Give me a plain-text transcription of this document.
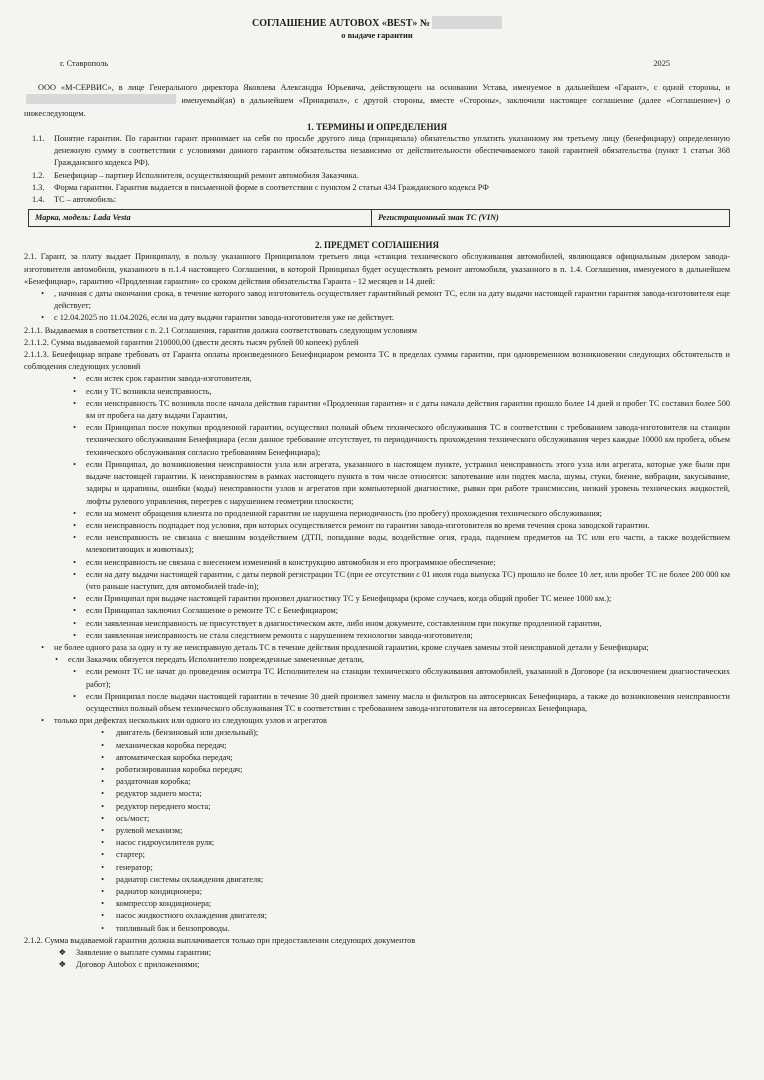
СОГЛАШЕНИЕ AUTOBOX «BEST» №
о выдаче гарантии
г. Ставрополь	2025

ООО «М-СЕРВИС», в лице Генерального директора Яковлева Александра Юрьевича, действующего на основании Устава, именуемое в дальнейшем «Гарант», с одной стороны, и  именуемый(ая) в дальнейшем «Принципал», с другой стороны, вместе «Стороны», заключили настоящее соглашение (далее «Соглашение») о нижеследующем.

1. ТЕРМИНЫ И ОПРЕДЕЛЕНИЯ
1.1.	Понятие гарантии. По гарантии гарант принимает на себя по просьбе другого лица (принципала) обязательство уплатить указанному им третьему лицу (бенефициару) определенную денежную сумму в соответствии с условиями данного гарантом обязательства независимо от действительности обеспечиваемого такой гарантией обязательства (пункт 1 статьи 368 Гражданского кодекса РФ).
1.2.	Бенефициар – партнер Исполнителя, осуществляющий ремонт автомобиля Заказчика.
1.3.	Форма гарантии. Гарантия выдается в письменной форме в соответствии с пунктом 2 статьи 434 Гражданского кодекса РФ
1.4.	ТС – автомобиль:
Марка, модель: Lada Vesta	Регистрационный знак ТС (VIN)
2. ПРЕДМЕТ СОГЛАШЕНИЯ

2.1. Гарант, за плату выдает Принципалу, в пользу указанного Принципалом третьего лица «станция технического обслуживания автомобилей, являющаяся официальным дилером завода-изготовителя автомобиля, указанного в п.1.4 настоящего Соглашения, в которой Принципал будет осуществлять ремонт автомобиля, указанного в п. 1.4. Соглашения, именуемого в дальнейшем «Бенефициар», гарантию «Продленная гарантия» со сроком действия обязательства Гаранта - 12 месяцев и 14 дней:

•	, начиная с даты окончания срока, в течение которого завод изготовитель осуществляет гарантийный ремонт ТС, если на дату выдачи настоящей гарантии гарантия завода-изготовителя еще действует;
•	с 12.04.2025 по 11.04.2026, если на дату выдачи гарантии завода-изготовителя уже не действует.

2.1.1. Выдаваемая в соответствии с п. 2.1 Соглашения, гарантия должна соответствовать следующим условиям

2.1.1.2. Сумма выдаваемой гарантии 210000,00 (двести десять тысяч рублей 00 копеек) рублей

2.1.1.3. Бенефициар вправе требовать от Гаранта оплаты произведенного Бенефициаром ремонта ТС в пределах суммы гарантии, при одновременном возникновении следующих обстоятельств и соблюдения следующих условий

•	если истек срок гарантии завода-изготовителя,
•	если у ТС возникла неисправность,
•	если неисправность ТС возникла после начала действия гарантии «Продленная гарантия» и с даты начала действия гарантии прошло более 14 дней и пробег ТС составил более 500 км от пробега на дату выдачи Гарантии,
•	если Принципал после покупки продленной гарантии, осуществил полный объем технического обслуживания ТС в соответствии с требованием завода-изготовителя на станции технического обслуживания Бенефициара (если данное требование отсутствует, то периодичность прохождения технического обслуживания через каждые 10000 км пробега, объем технического обслуживания согласно требованиям Бенефициара);
•	если Принципал, до возникновения неисправности узла или агрегата, указанного в настоящем пункте, устранил неисправность этого узла или агрегата, которые уже были при выдаче настоящей гарантии. К неисправностям в рамках настоящего пункта в том числе относятся: запотевание или подтек масла, шумы, стуки, биение, вибрации, закусывание, задиры и царапины, ошибки (коды) неисправности узлов и агрегатов при компьютерной диагностике, рывки при работе трансмиссии, низкий уровень технических жидкостей, люфты рулевого управления, перегрев с нарушением геометрии плоскости;
•	если на момент обращения клиента по продленной гарантии не нарушена периодичность (по пробегу) прохождения технического обслуживания;
•	если неисправность подпадает под условия, при которых осуществляется ремонт по гарантии завода-изготовителя во время течения срока заводской гарантии.
•	если неисправность не связана с внешним воздействием (ДТП, попадание воды, воздействие огня, града, падением предметов на ТС или его части, а также воздействием млекопитающих и животных);
•	если неисправность не связана с внесением изменений в конструкцию автомобиля и его программное обеспечение;
•	если на дату выдачи настоящей гарантии, с даты первой регистрации ТС (при ее отсутствии с 01 июля года выпуска ТС) прошло не более 10 лет, или пробег ТС не более 200 000 км (что раньше наступит, для автомобилей trade-in);
•	если Принципал при выдаче настоящей гарантии произвел диагностику ТС у Бенефициара (кроме случаев, когда общий пробег ТС менее 1000 км.);
•	если Принципал заключил Соглашение о ремонте ТС с Бенефициаром;
•	если заявленная неисправность не присутствует в диагностическом акте, либо ином документе, составленном при покупке продленной гарантии,
•	если заявленная неисправность не стала следствием ремонта с нарушением технологии завода-изготовителя;
•	не более одного раза за одну и ту же неисправную деталь ТС в течение действия продленной гарантии, кроме случаев замены этой неисправной детали у Бенефициара;
•	если Заказчик обязуется передать Исполнителю поврежденные замененные детали,
•	если ремонт ТС не начат до проведения осмотра ТС Исполнителем на станции технического обслуживания автомобилей, указанной в Договоре (за исключением диагностических работ);
•	если Принципал после выдачи настоящей гарантии в течение 30 дней произвел замену масла и фильтров на автосервисах Бенефициара, а также до возникновения неисправности осуществил полный объем технического обслуживания ТС в соответствии с требованием завода-изготовителя на автосервисах Бенефициара,
•	только при дефектах нескольких или одного из следующих узлов и агрегатов
•	двигатель (бензиновый или дизельный);
•	механическая коробка передач;
•	автоматическая коробка передач;
•	роботизированная коробка передач;
•	раздаточная коробка;
•	редуктор заднего моста;
•	редуктор переднего моста;
•	ось/мост;
•	рулевой механизм;
•	насос гидроусилителя руля;
•	стартер;
•	генератор;
•	радиатор системы охлаждения двигателя;
•	радиатор кондиционера;
•	компрессор кондиционера;
•	насос жидкостного охлаждения двигателя;
•	топливный бак и бензопроводы.

2.1.2. Сумма выдаваемой гарантии должна выплачивается только при предоставлении следующих документов

❖	Заявление о выплате суммы гарантии;
❖	Договор Autobox с приложениями;
